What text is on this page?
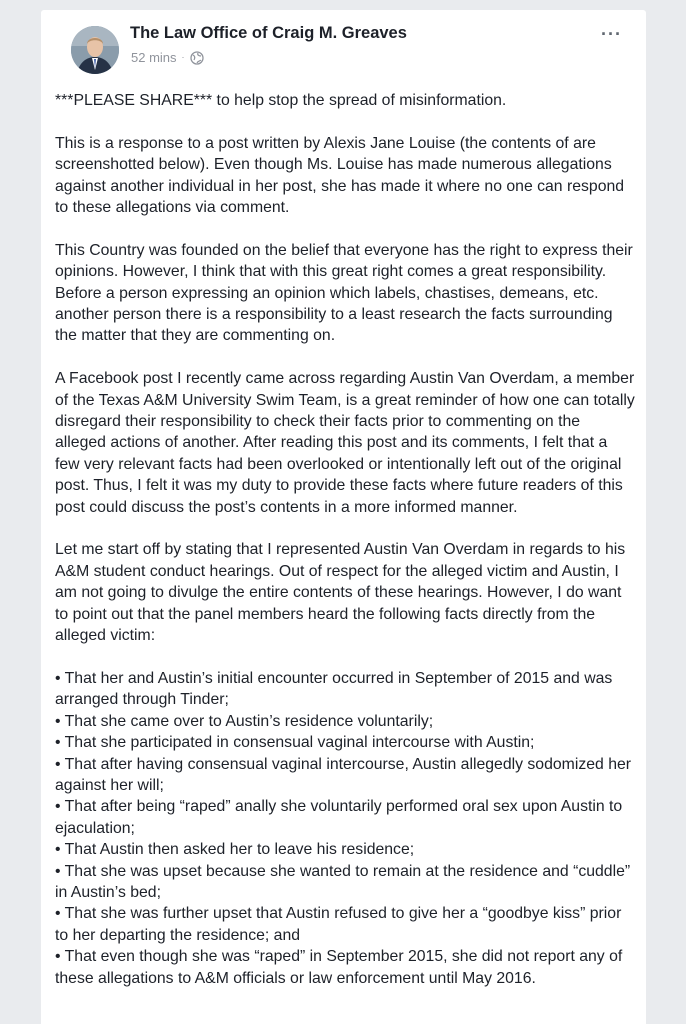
The Law Office of Craig M. Greaves
52 mins ·
···

***PLEASE SHARE*** to help stop the spread of misinformation.

This is a response to a post written by Alexis Jane Louise (the contents of are screenshotted below). Even though Ms. Louise has made numerous allegations against another individual in her post, she has made it where no one can respond to these allegations via comment.

This Country was founded on the belief that everyone has the right to express their opinions. However, I think that with this great right comes a great responsibility. Before a person expressing an opinion which labels, chastises, demeans, etc. another person there is a responsibility to a least research the facts surrounding the matter that they are commenting on.

A Facebook post I recently came across regarding Austin Van Overdam, a member of the Texas A&M University Swim Team, is a great reminder of how one can totally disregard their responsibility to check their facts prior to commenting on the alleged actions of another. After reading this post and its comments, I felt that a few very relevant facts had been overlooked or intentionally left out of the original post. Thus, I felt it was my duty to provide these facts where future readers of this post could discuss the post’s contents in a more informed manner.

Let me start off by stating that I represented Austin Van Overdam in regards to his A&M student conduct hearings. Out of respect for the alleged victim and Austin, I am not going to divulge the entire contents of these hearings. However, I do want to point out that the panel members heard the following facts directly from the alleged victim:

• That her and Austin’s initial encounter occurred in September of 2015 and was arranged through Tinder;
• That she came over to Austin’s residence voluntarily;
• That she participated in consensual vaginal intercourse with Austin;
• That after having consensual vaginal intercourse, Austin allegedly sodomized her against her will;
• That after being “raped” anally she voluntarily performed oral sex upon Austin to ejaculation;
• That Austin then asked her to leave his residence;
• That she was upset because she wanted to remain at the residence and “cuddle” in Austin’s bed;
• That she was further upset that Austin refused to give her a “goodbye kiss” prior to her departing the residence; and
• That even though she was “raped” in September 2015, she did not report any of these allegations to A&M officials or law enforcement until May 2016.
